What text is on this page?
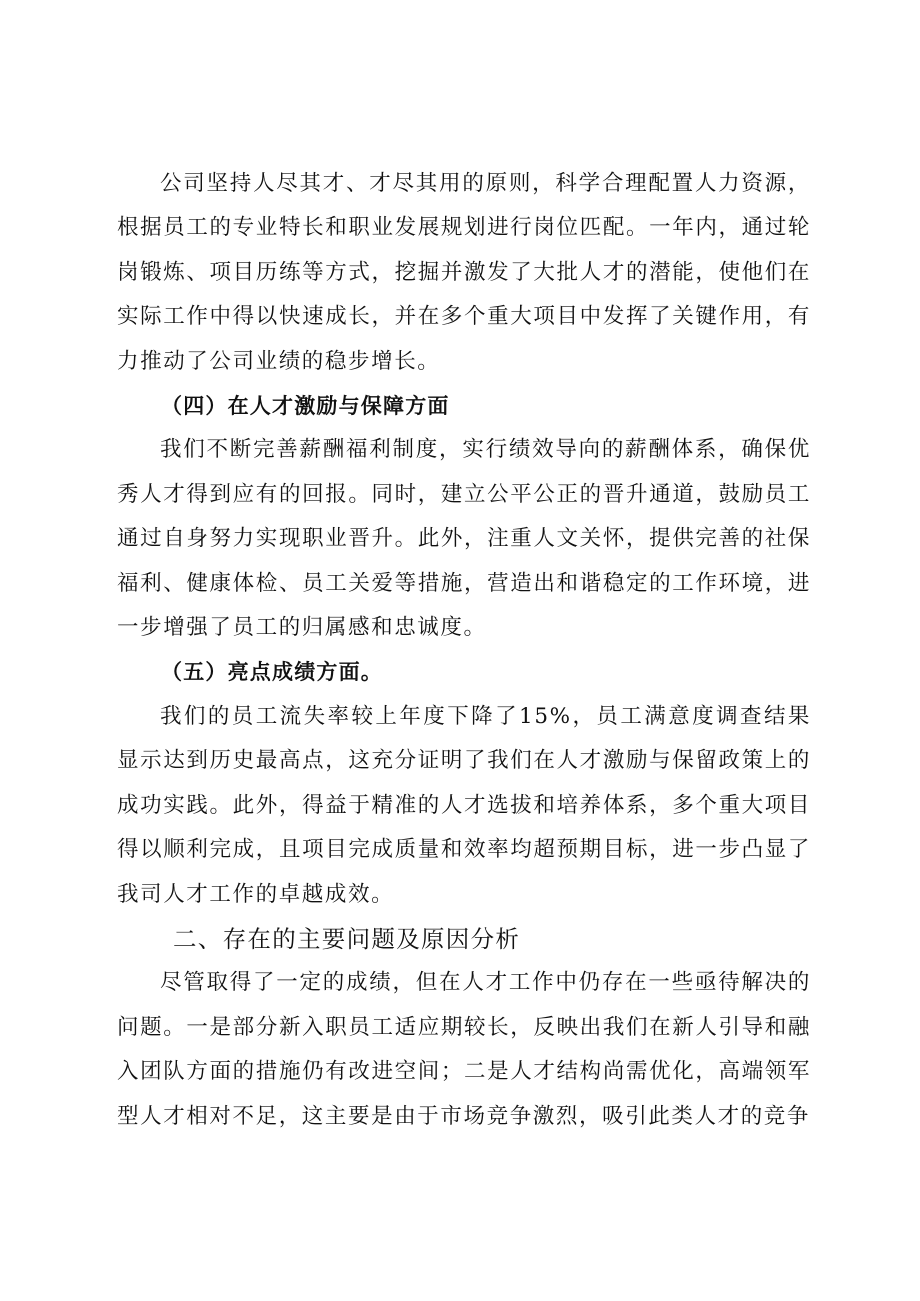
公司坚持人尽其才、才尽其用的原则，科学合理配置人力资源，根据员工的专业特长和职业发展规划进行岗位匹配。一年内，通过轮岗锻炼、项目历练等方式，挖掘并激发了大批人才的潜能，使他们在实际工作中得以快速成长，并在多个重大项目中发挥了关键作用，有力推动了公司业绩的稳步增长。

（四）在人才激励与保障方面

我们不断完善薪酬福利制度，实行绩效导向的薪酬体系，确保优秀人才得到应有的回报。同时，建立公平公正的晋升通道，鼓励员工通过自身努力实现职业晋升。此外，注重人文关怀，提供完善的社保福利、健康体检、员工关爱等措施，营造出和谐稳定的工作环境，进一步增强了员工的归属感和忠诚度。

（五）亮点成绩方面。

我们的员工流失率较上年度下降了15%，员工满意度调查结果显示达到历史最高点，这充分证明了我们在人才激励与保留政策上的成功实践。此外，得益于精准的人才选拔和培养体系，多个重大项目得以顺利完成，且项目完成质量和效率均超预期目标，进一步凸显了我司人才工作的卓越成效。

二、存在的主要问题及原因分析

尽管取得了一定的成绩，但在人才工作中仍存在一些亟待解决的问题。一是部分新入职员工适应期较长，反映出我们在新人引导和融入团队方面的措施仍有改进空间；二是人才结构尚需优化，高端领军型人才相对不足，这主要是由于市场竞争激烈，吸引此类人才的竞争
